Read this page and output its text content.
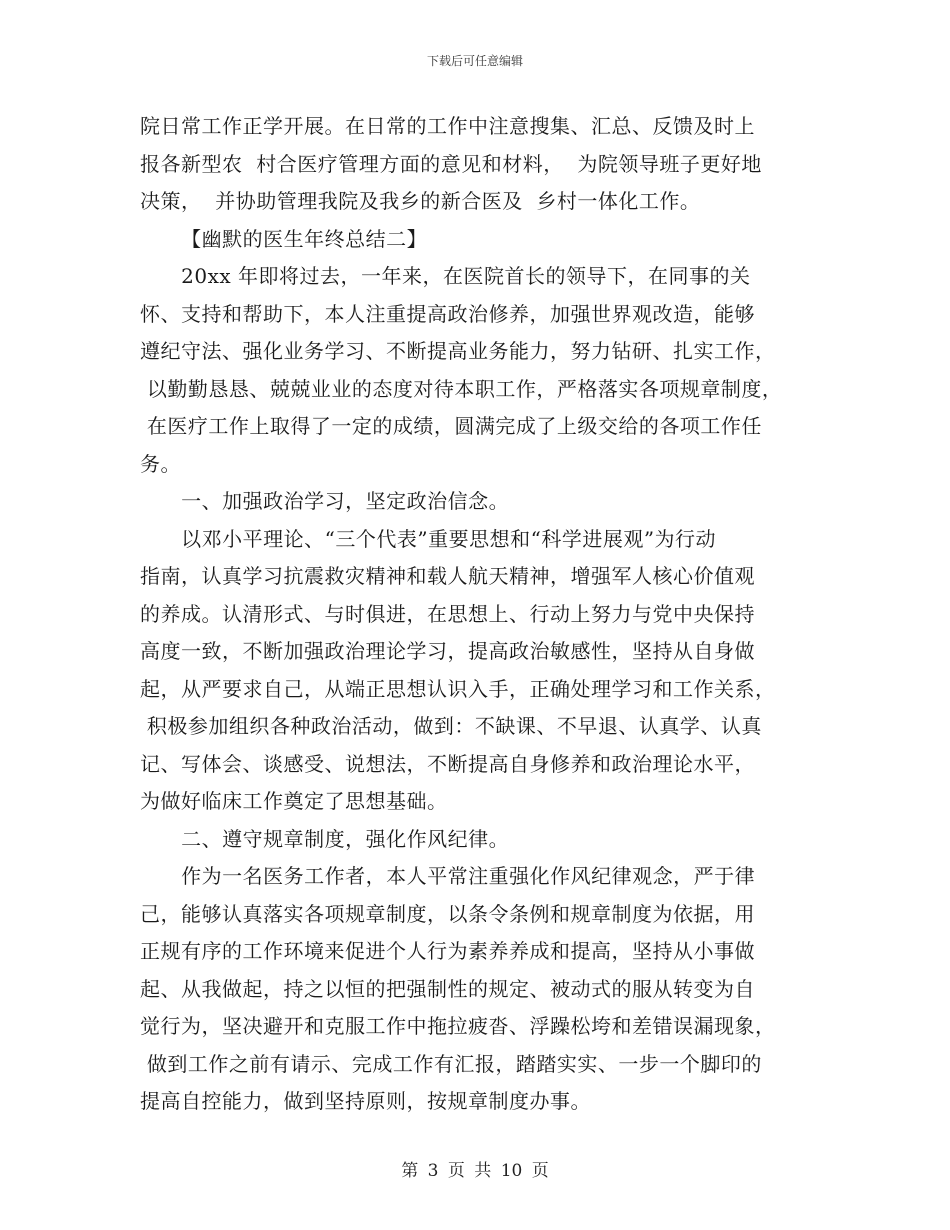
下载后可任意编辑
院日常工作正学开展。在日常的工作中注意搜集、汇总、反馈及时上
报各新型农  村合医疗管理方面的意见和材料，  为院领导班子更好地
决策，  并协助管理我院及我乡的新合医及  乡村一体化工作。
【幽默的医生年终总结二】
20xx 年即将过去，一年来，在医院首长的领导下，在同事的关
怀、支持和帮助下，本人注重提高政治修养，加强世界观改造，能够
遵纪守法、强化业务学习、不断提高业务能力，努力钻研、扎实工作，
以勤勤恳恳、兢兢业业的态度对待本职工作，严格落实各项规章制度，
在医疗工作上取得了一定的成绩，圆满完成了上级交给的各项工作任
务。
一、加强政治学习，坚定政治信念。
以邓小平理论、“三个代表”重要思想和“科学进展观”为行动
指南，认真学习抗震救灾精神和载人航天精神，增强军人核心价值观
的养成。认清形式、与时俱进，在思想上、行动上努力与党中央保持
高度一致，不断加强政治理论学习，提高政治敏感性，坚持从自身做
起，从严要求自己，从端正思想认识入手，正确处理学习和工作关系，
积极参加组织各种政治活动，做到：不缺课、不早退、认真学、认真
记、写体会、谈感受、说想法，不断提高自身修养和政治理论水平，
为做好临床工作奠定了思想基础。
二、遵守规章制度，强化作风纪律。
作为一名医务工作者，本人平常注重强化作风纪律观念，严于律
己，能够认真落实各项规章制度，以条令条例和规章制度为依据，用
正规有序的工作环境来促进个人行为素养养成和提高，坚持从小事做
起、从我做起，持之以恒的把强制性的规定、被动式的服从转变为自
觉行为，坚决避开和克服工作中拖拉疲沓、浮躁松垮和差错误漏现象，
做到工作之前有请示、完成工作有汇报，踏踏实实、一步一个脚印的
提高自控能力，做到坚持原则，按规章制度办事。
第 3 页 共 10 页
